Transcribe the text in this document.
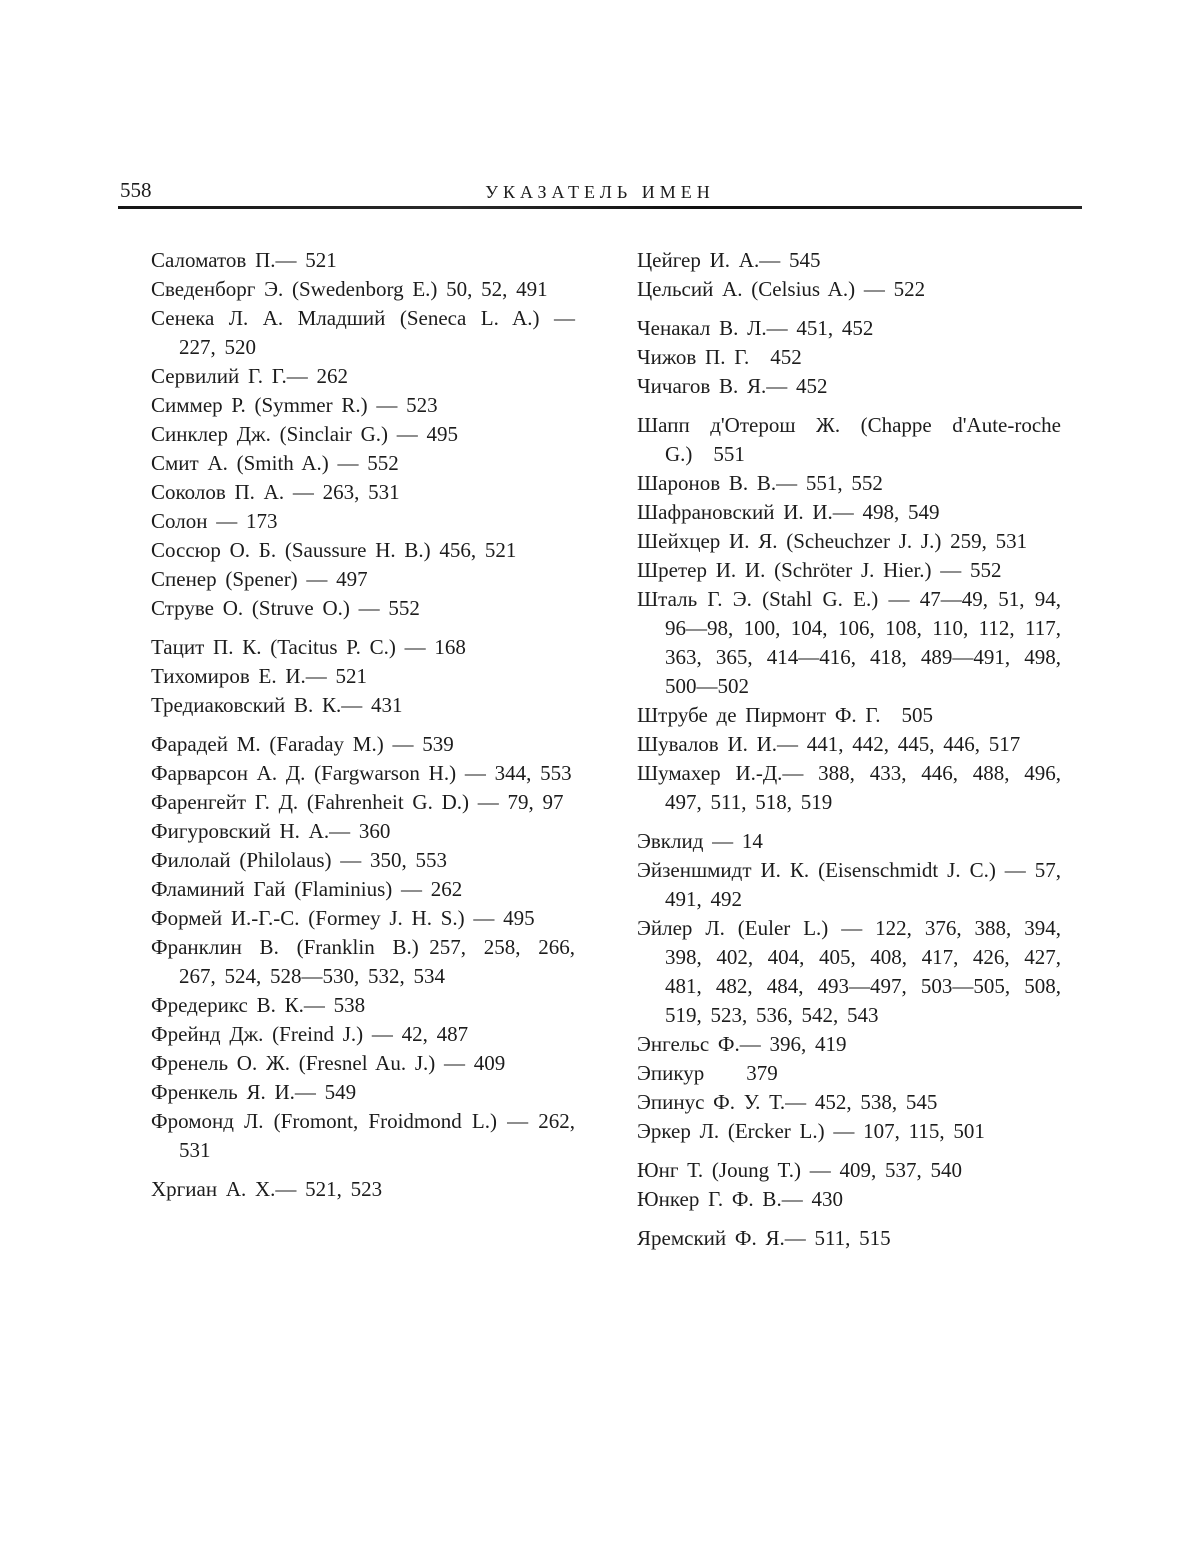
558	УКАЗАТЕЛЬ ИМЕН

Саломатов П.— 521

Сведенборг Э. (Swedenborg E.) 50, 52, 491

Сенека Л. А. Младший (Seneca L. A.) — 227, 520

Сервилий Г. Г.— 262

Симмер Р. (Symmer R.) — 523

Синклер Дж. (Sinclair G.) — 495

Смит А. (Smith A.) — 552

Соколов П. А. — 263, 531

Солон — 173

Соссюр О. Б. (Saussure H. B.) 456, 521

Спенер (Spener) — 497

Струве О. (Struve O.) — 552

Тацит П. К. (Tacitus P. C.) — 168

Тихомиров Е. И.— 521

Тредиаковский В. К.— 431

Фарадей М. (Faraday M.) — 539

Фарварсон А. Д. (Fargwarson H.) — 344, 553

Фаренгейт Г. Д. (Fahrenheit G. D.) — 79, 97

Фигуровский Н. А.— 360

Филолай (Philolaus) — 350, 553

Фламиний Гай (Flaminius) — 262

Формей И.-Г.-С. (Formey J. H. S.) — 495

Франклин В. (Franklin B.) 257, 258, 266, 267, 524, 528—530, 532, 534

Фредерикс В. К.— 538

Фрейнд Дж. (Freind J.) — 42, 487

Френель О. Ж. (Fresnel Au. J.) — 409

Френкель Я. И.— 549

Фромонд Л. (Fromont, Froidmond L.) — 262, 531

Хргиан А. Х.— 521, 523

Цейгер И. А.— 545

Цельсий А. (Celsius A.) — 522

Ченакал В. Л.— 451, 452

Чижов П. Г. 452

Чичагов В. Я.— 452

Шапп д'Отерош Ж. (Chappe d'Aute-roche G.) 551

Шаронов В. В.— 551, 552

Шафрановский И. И.— 498, 549

Шейхцер И. Я. (Scheuchzer J. J.) 259, 531

Шретер И. И. (Schröter J. Hier.) — 552

Шталь Г. Э. (Stahl G. E.) — 47—49, 51, 94, 96—98, 100, 104, 106, 108, 110, 112, 117, 363, 365, 414—416, 418, 489—491, 498, 500—502

Штрубе де Пирмонт Ф. Г. 505

Шувалов И. И.— 441, 442, 445, 446, 517

Шумахер И.-Д.— 388, 433, 446, 488, 496, 497, 511, 518, 519

Эвклид — 14

Эйзеншмидт И. К. (Eisenschmidt J. C.) — 57, 491, 492

Эйлер Л. (Euler L.) — 122, 376, 388, 394, 398, 402, 404, 405, 408, 417, 426, 427, 481, 482, 484, 493—497, 503—505, 508, 519, 523, 536, 542, 543

Энгельс Ф.— 396, 419

Эпикур  379

Эпинус Ф. У. Т.— 452, 538, 545

Эркер Л. (Ercker L.) — 107, 115, 501

Юнг Т. (Joung T.) — 409, 537, 540

Юнкер Г. Ф. В.— 430

Яремский Ф. Я.— 511, 515
